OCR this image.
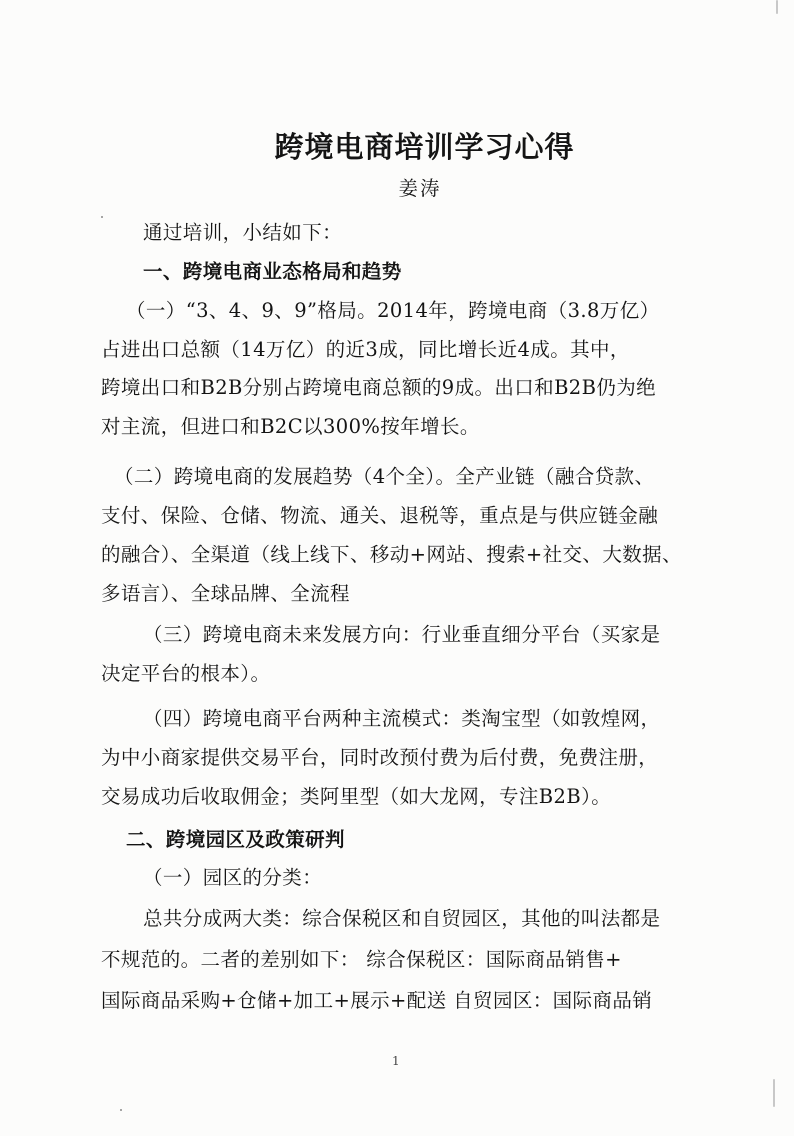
跨境电商培训学习心得
姜涛
通过培训，小结如下：
一、跨境电商业态格局和趋势
（一）“3、4、9、9”格局。2014年，跨境电商（3.8万亿）
占进出口总额（14万亿）的近3成，同比增长近4成。其中，
跨境出口和B2B分别占跨境电商总额的9成。出口和B2B仍为绝
对主流，但进口和B2C以300%按年增长。
（二）跨境电商的发展趋势（4个全）。全产业链（融合贷款、
支付、保险、仓储、物流、通关、退税等，重点是与供应链金融
的融合）、全渠道（线上线下、移动+网站、搜索+社交、大数据、
多语言）、全球品牌、全流程
（三）跨境电商未来发展方向：行业垂直细分平台（买家是
决定平台的根本）。
（四）跨境电商平台两种主流模式：类淘宝型（如敦煌网，
为中小商家提供交易平台，同时改预付费为后付费，免费注册，
交易成功后收取佣金；类阿里型（如大龙网，专注B2B）。
二、跨境园区及政策研判
（一）园区的分类：
总共分成两大类：综合保税区和自贸园区，其他的叫法都是
不规范的。二者的差别如下： 综合保税区：国际商品销售+
国际商品采购+仓储+加工+展示+配送 自贸园区：国际商品销
1
